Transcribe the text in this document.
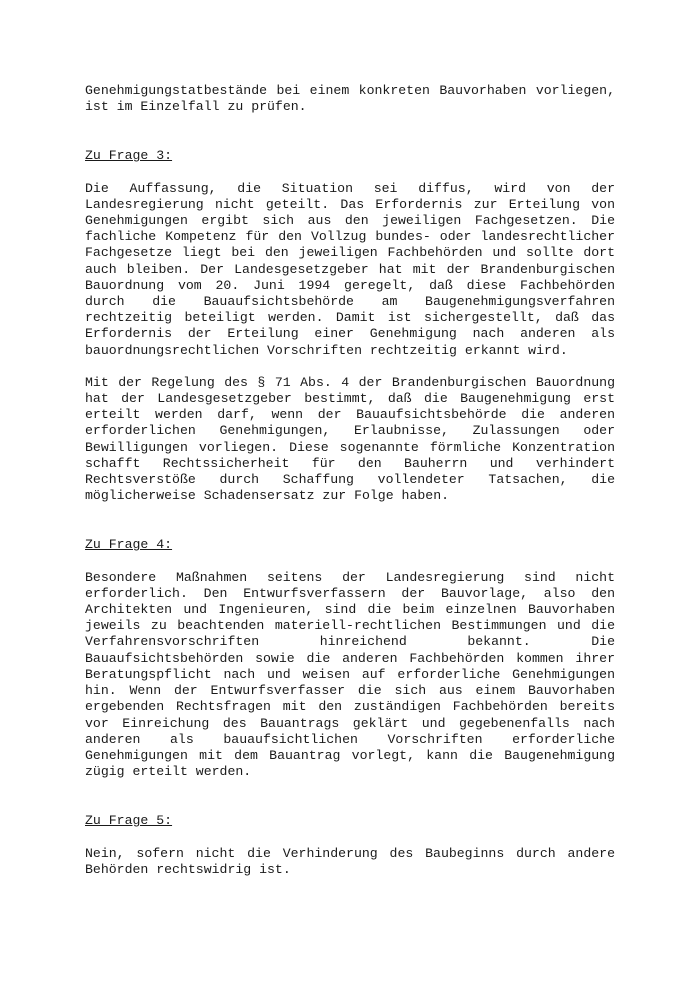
Genehmigungstatbestände bei einem konkreten Bauvorhaben vorliegen, ist im Einzelfall zu prüfen.

Zu Frage 3:

Die Auffassung, die Situation sei diffus, wird von der Landesregierung nicht geteilt. Das Erfordernis zur Erteilung von Genehmigungen ergibt sich aus den jeweiligen Fachgesetzen. Die fachliche Kompetenz für den Vollzug bundes- oder landesrechtlicher Fachgesetze liegt bei den jeweiligen Fachbehörden und sollte dort auch bleiben. Der Landesgesetzgeber hat mit der Brandenburgischen Bauordnung vom 20. Juni 1994 geregelt, daß diese Fachbehörden durch die Bauaufsichtsbehörde am Baugenehmigungsverfahren rechtzeitig beteiligt werden. Damit ist sichergestellt, daß das Erfordernis der Erteilung einer Genehmigung nach anderen als bauordnungsrechtlichen Vorschriften rechtzeitig erkannt wird.

Mit der Regelung des § 71 Abs. 4 der Brandenburgischen Bauordnung hat der Landesgesetzgeber bestimmt, daß die Baugenehmigung erst erteilt werden darf, wenn der Bauaufsichtsbehörde die anderen erforderlichen Genehmigungen, Erlaubnisse, Zulassungen oder Bewilligungen vorliegen. Diese sogenannte förmliche Konzentration schafft Rechtssicherheit für den Bauherrn und verhindert Rechtsverstöße durch Schaffung vollendeter Tatsachen, die möglicherweise Schadensersatz zur Folge haben.

Zu Frage 4:

Besondere Maßnahmen seitens der Landesregierung sind nicht erforderlich. Den Entwurfsverfassern der Bauvorlage, also den Architekten und Ingenieuren, sind die beim einzelnen Bauvorhaben jeweils zu beachtenden materiell-rechtlichen Bestimmungen und die Verfahrensvorschriften hinreichend bekannt. Die Bauaufsichtsbehörden sowie die anderen Fachbehörden kommen ihrer Beratungspflicht nach und weisen auf erforderliche Genehmigungen hin. Wenn der Entwurfsverfasser die sich aus einem Bauvorhaben ergebenden Rechtsfragen mit den zuständigen Fachbehörden bereits vor Einreichung des Bauantrags geklärt und gegebenenfalls nach anderen als bauaufsichtlichen Vorschriften erforderliche Genehmigungen mit dem Bauantrag vorlegt, kann die Baugenehmigung zügig erteilt werden.

Zu Frage 5:

Nein, sofern nicht die Verhinderung des Baubeginns durch andere Behörden rechtswidrig ist.
